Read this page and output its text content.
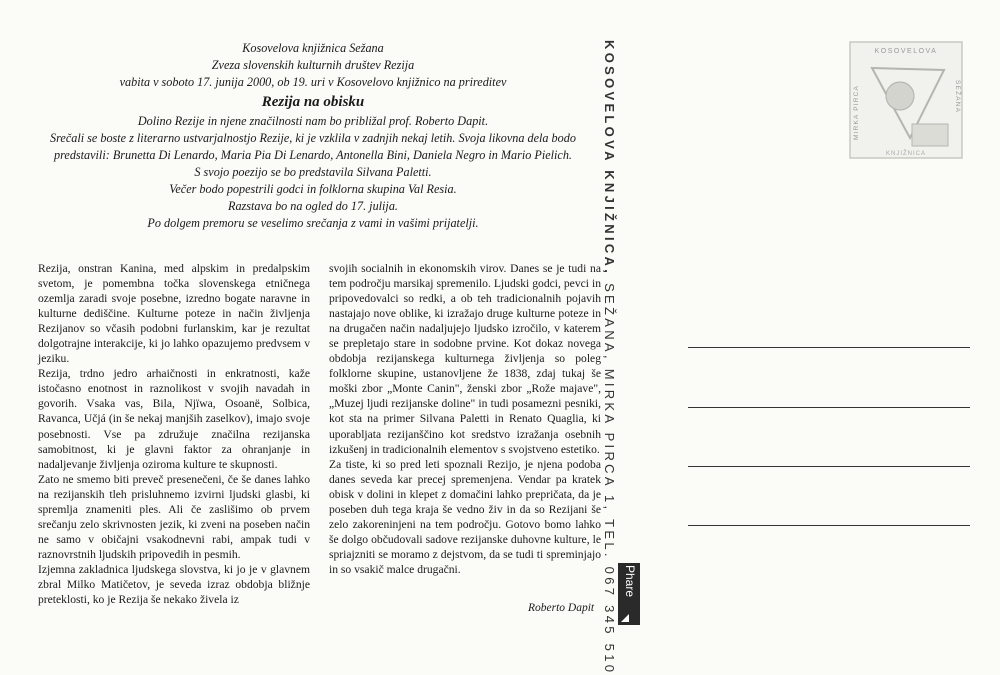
Kosovelova knjižnica Sežana
Zveza slovenskih kulturnih društev Rezija
vabita v soboto 17. junija 2000, ob 19. uri v Kosovelovo knjižnico na prireditev
Rezija na obisku
Dolino Rezije in njene značilnosti nam bo približal prof. Roberto Dapit.
Srečali se boste z literarno ustvarjalnostjo Rezije, ki je vzklila v zadnjih nekaj letih. Svoja likovna dela bodo
predstavili: Brunetta Di Lenardo, Maria Pia Di Lenardo, Antonella Bini, Daniela Negro in Mario Pielich.
S svojo poezijo se bo predstavila Silvana Paletti.
Večer bodo popestrili godci in folklorna skupina Val Resia.
Razstava bo na ogled do 17. julija.
Po dolgem premoru se veselimo srečanja z vami in vašimi prijatelji.

Rezija, onstran Kanina, med alpskim in predalpskim svetom, je pomembna točka slovenskega etničnega ozemlja zaradi svoje posebne, izredno bogate naravne in kulturne dediščine. Kulturne poteze in način življenja Rezijanov so včasih podobni furlanskim, kar je rezultat dolgotrajne interakcije, ki jo lahko opazujemo predvsem v jeziku.

Rezija, trdno jedro arhaičnosti in enkratnosti, kaže istočasno enotnost in raznolikost v svojih navadah in govorih. Vsaka vas, Bila, Njïwa, Osoanë, Solbica, Ravanca, Učjá (in še nekaj manjših zaselkov), imajo svoje posebnosti. Vse pa združuje značilna rezijanska samobitnost, ki je glavni faktor za ohranjanje in nadaljevanje življenja oziroma kulture te skupnosti.

Zato ne smemo biti preveč presenečeni, če še danes lahko na rezijanskih tleh prisluhnemo izvirni ljudski glasbi, ki spremlja znameniti ples. Ali če zaslišimo ob prvem srečanju zelo skrivnosten jezik, ki zveni na poseben način ne samo v običajni vsakodnevni rabi, ampak tudi v raznovrstnih ljudskih pripovedih in pesmih.

Izjemna zakladnica ljudskega slovstva, ki jo je v glavnem zbral Milko Matičetov, je seveda izraz obdobja bližnje preteklosti, ko je Rezija še nekako živela iz

svojih socialnih in ekonomskih virov. Danes se je tudi na tem področju marsikaj spremenilo. Ljudski godci, pevci in pripovedovalci so redki, a ob teh tradicionalnih pojavih nastajajo nove oblike, ki izražajo druge kulturne poteze in na drugačen način nadaljujejo ljudsko izročilo, v katerem se prepletajo stare in sodobne prvine. Kot dokaz novega obdobja rezijanskega kulturnega življenja so poleg folklorne skupine, ustanovljene že 1838, zdaj tukaj še moški zbor „Monte Canin", ženski zbor „Rože majave", „Muzej ljudi rezijanske doline" in tudi posamezni pesniki, kot sta na primer Silvana Paletti in Renato Quaglia, ki uporabljata rezijanščino kot sredstvo izražanja osebnih izkušenj in tradicionalnih elementov s svojstveno estetiko.

Za tiste, ki so pred leti spoznali Rezijo, je njena podoba danes seveda kar precej spremenjena. Vendar pa kratek obisk v dolini in klepet z domačini lahko prepričata, da je poseben duh tega kraja še vedno živ in da so Rezijani še zelo zakoreninjeni na tem področju. Gotovo bomo lahko še dolgo občudovali sadove rezijanske duhovne kulture, le spriajzniti se moramo z dejstvom, da se tudi ti spreminjajo in so vsakič malce drugačni.

Roberto Dapit
KOSOVELOVA KNJIŽNICA, SEŽANA, MIRKA PIRCA 1, TEL. 067 345 510 Phare
KOSOVELOVA
MIRKA PIRCA	SEŽANA
KNJIŽNICA
